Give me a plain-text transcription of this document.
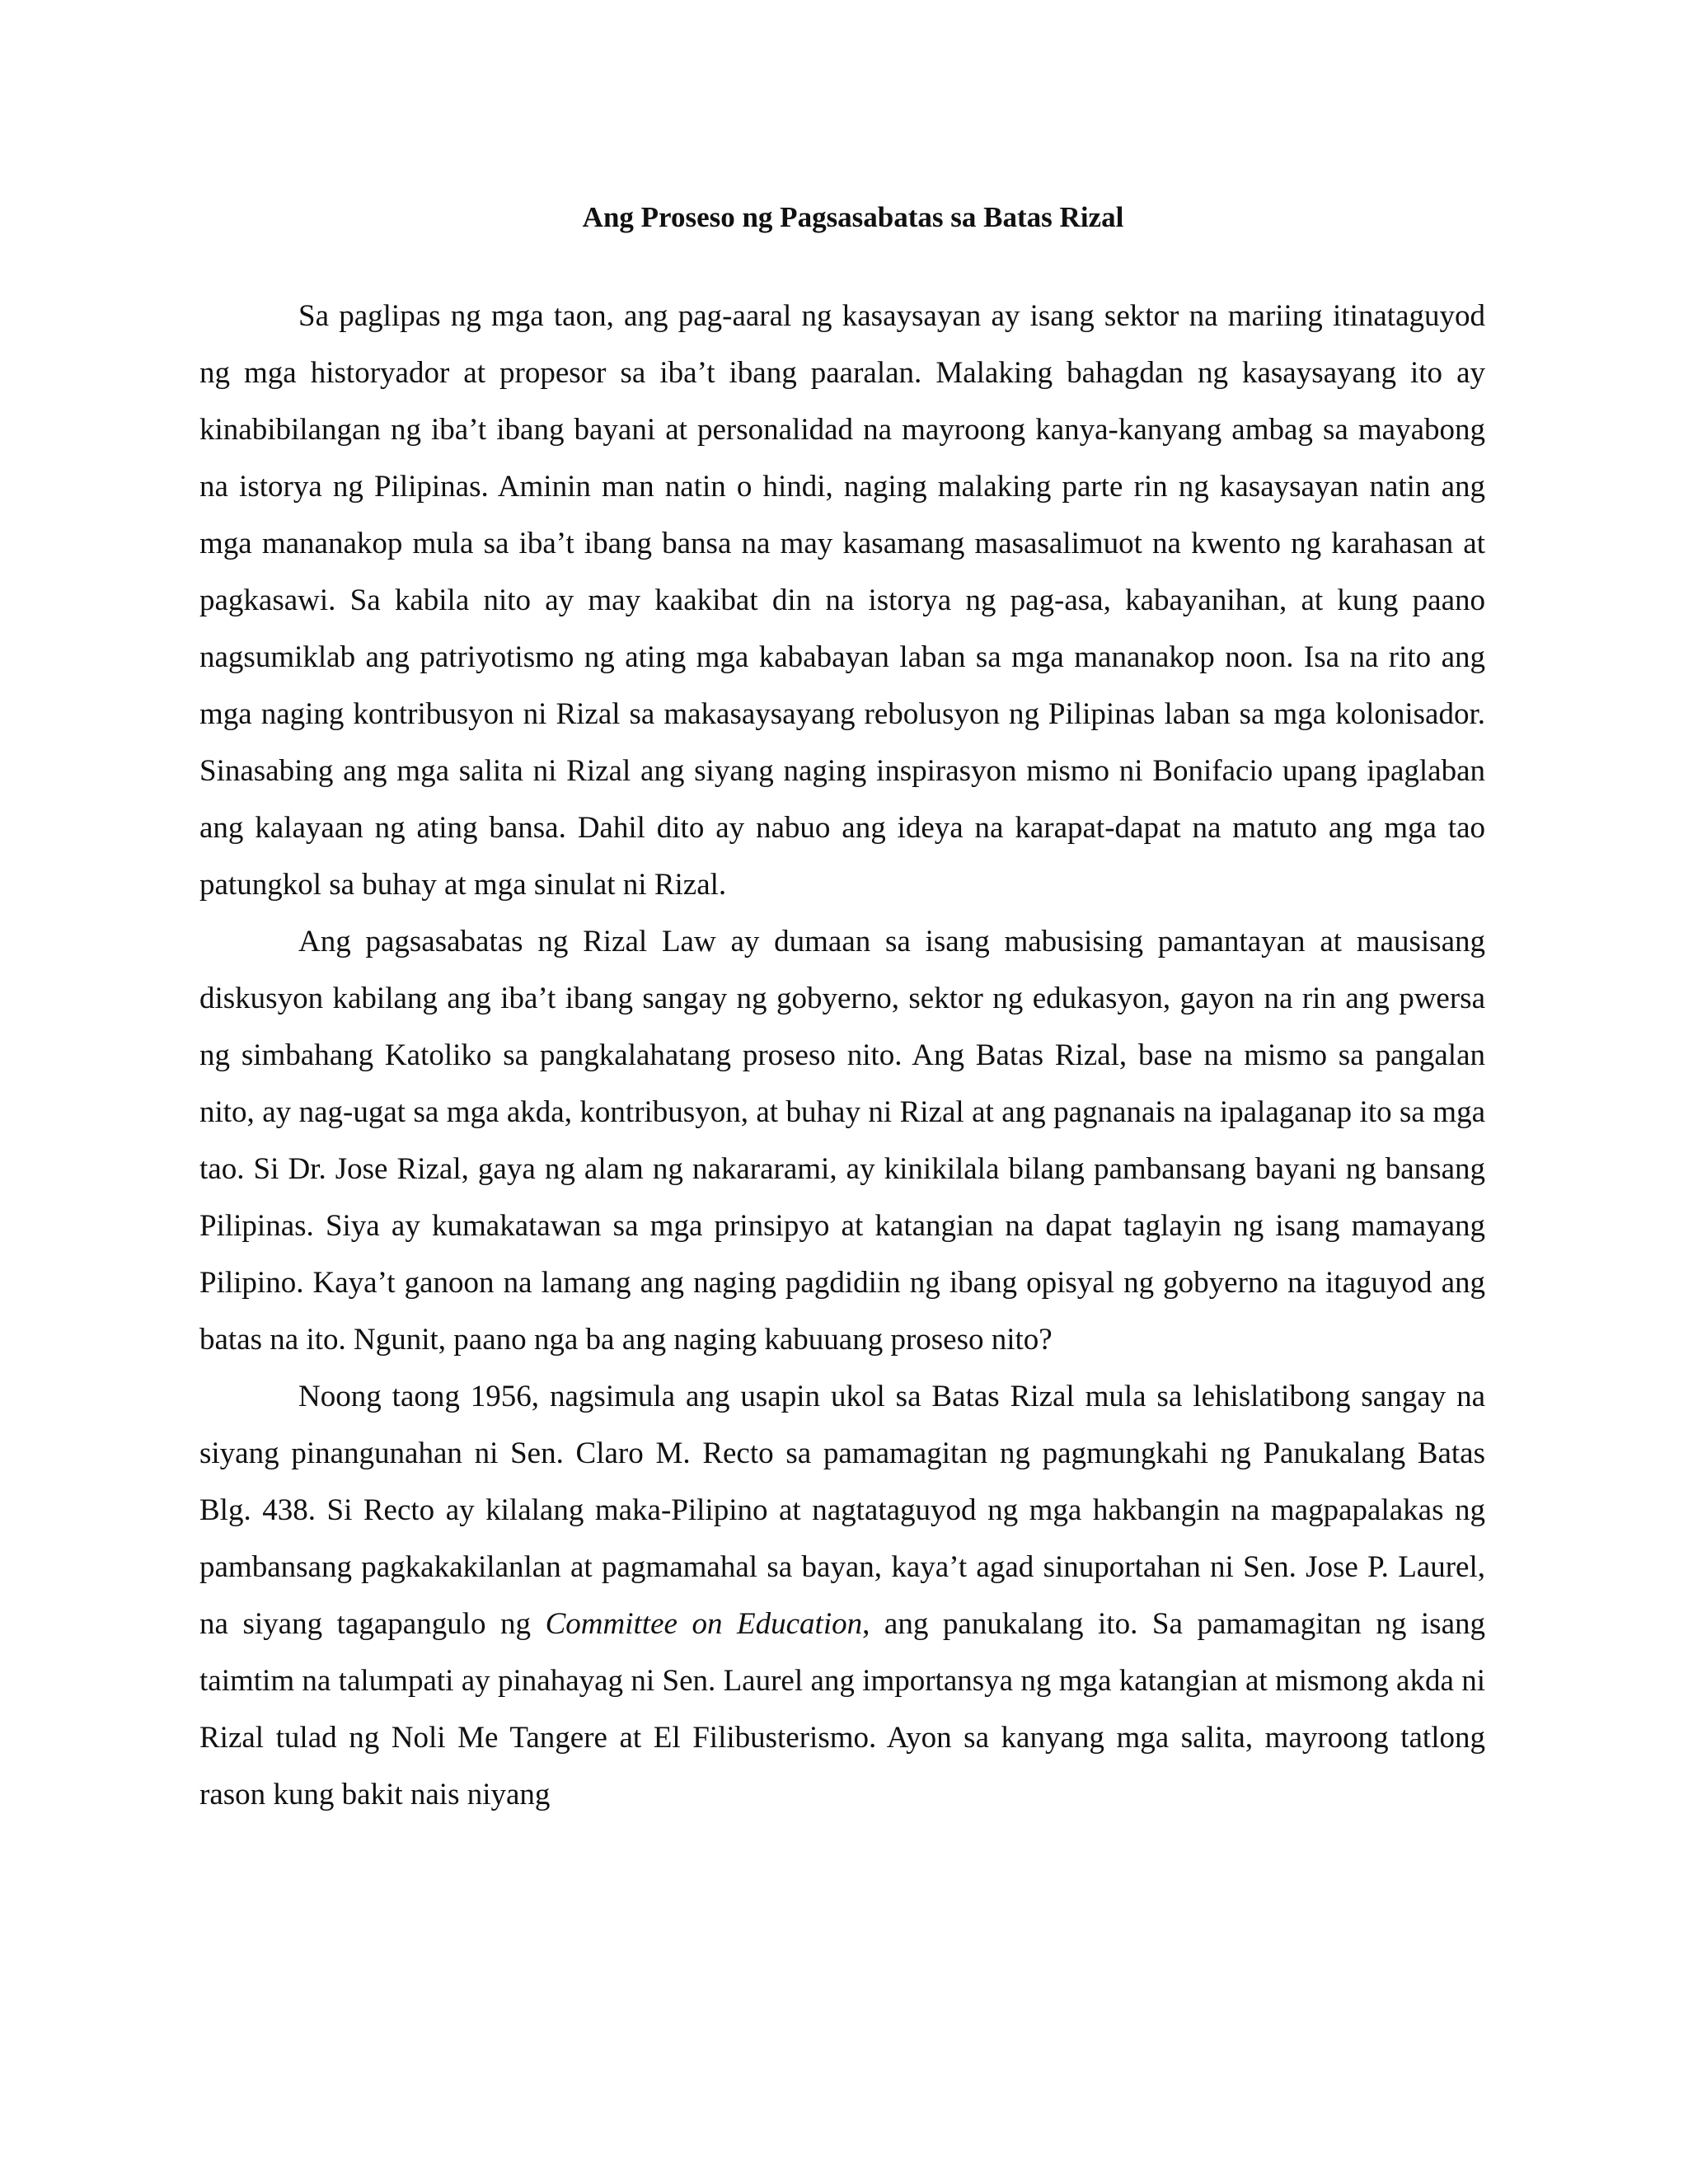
Ang Proseso ng Pagsasabatas sa Batas Rizal

Sa paglipas ng mga taon, ang pag-aaral ng kasaysayan ay isang sektor na mariing itinataguyod ng mga historyador at propesor sa iba’t ibang paaralan. Malaking bahagdan ng kasaysayang ito ay kinabibilangan ng iba’t ibang bayani at personalidad na mayroong kanya-kanyang ambag sa mayabong na istorya ng Pilipinas. Aminin man natin o hindi, naging malaking parte rin ng kasaysayan natin ang mga mananakop mula sa iba’t ibang bansa na may kasamang masasalimuot na kwento ng karahasan at pagkasawi. Sa kabila nito ay may kaakibat din na istorya ng pag-asa, kabayanihan, at kung paano nagsumiklab ang patriyotismo ng ating mga kababayan laban sa mga mananakop noon. Isa na rito ang mga naging kontribusyon ni Rizal sa makasaysayang rebolusyon ng Pilipinas laban sa mga kolonisador. Sinasabing ang mga salita ni Rizal ang siyang naging inspirasyon mismo ni Bonifacio upang ipaglaban ang kalayaan ng ating bansa. Dahil dito ay nabuo ang ideya na karapat-dapat na matuto ang mga tao patungkol sa buhay at mga sinulat ni Rizal.

Ang pagsasabatas ng Rizal Law ay dumaan sa isang mabusising pamantayan at mausisang diskusyon kabilang ang iba’t ibang sangay ng gobyerno, sektor ng edukasyon, gayon na rin ang pwersa ng simbahang Katoliko sa pangkalahatang proseso nito. Ang Batas Rizal, base na mismo sa pangalan nito, ay nag-ugat sa mga akda, kontribusyon, at buhay ni Rizal at ang pagnanais na ipalaganap ito sa mga tao. Si Dr. Jose Rizal, gaya ng alam ng nakararami, ay kinikilala bilang pambansang bayani ng bansang Pilipinas. Siya ay kumakatawan sa mga prinsipyo at katangian na dapat taglayin ng isang mamayang Pilipino. Kaya’t ganoon na lamang ang naging pagdidiin ng ibang opisyal ng gobyerno na itaguyod ang batas na ito. Ngunit, paano nga ba ang naging kabuuang proseso nito?

Noong taong 1956, nagsimula ang usapin ukol sa Batas Rizal mula sa lehislatibong sangay na siyang pinangunahan ni Sen. Claro M. Recto sa pamamagitan ng pagmungkahi ng Panukalang Batas Blg. 438. Si Recto ay kilalang maka-Pilipino at nagtataguyod ng mga hakbangin na magpapalakas ng pambansang pagkakakilanlan at pagmamahal sa bayan, kaya’t agad sinuportahan ni Sen. Jose P. Laurel, na siyang tagapangulo ng Committee on Education, ang panukalang ito. Sa pamamagitan ng isang taimtim na talumpati ay pinahayag ni Sen. Laurel ang importansya ng mga katangian at mismong akda ni Rizal tulad ng Noli Me Tangere at El Filibusterismo. Ayon sa kanyang mga salita, mayroong tatlong rason kung bakit nais niyang
